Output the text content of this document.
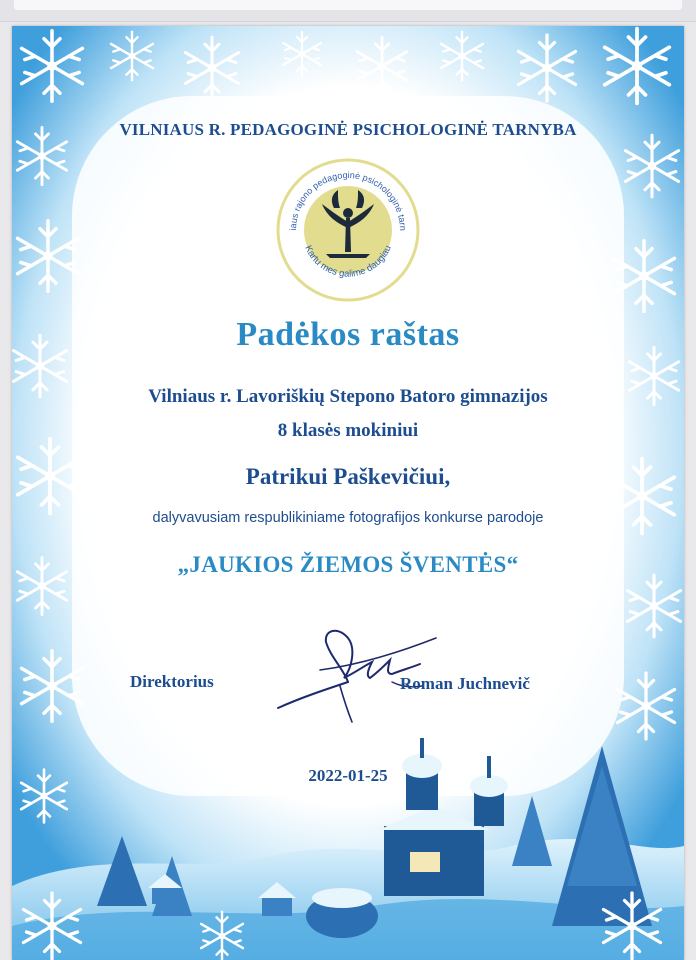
VILNIAUS R. PEDAGOGINĖ PSICHOLOGINĖ TARNYBA
iaus rajono pedagoginė psichologinė tarn
Kartu mes galime daugiau
Padėkos raštas
Vilniaus r. Lavoriškių Stepono Batoro gimnazijos
8 klasės mokiniui
Patrikui Paškevičiui,
dalyvavusiam respublikiniame fotografijos konkurse parodoje
„JAUKIOS ŽIEMOS ŠVENTĖS“
Direktorius	Roman Juchnevič
2022-01-25
